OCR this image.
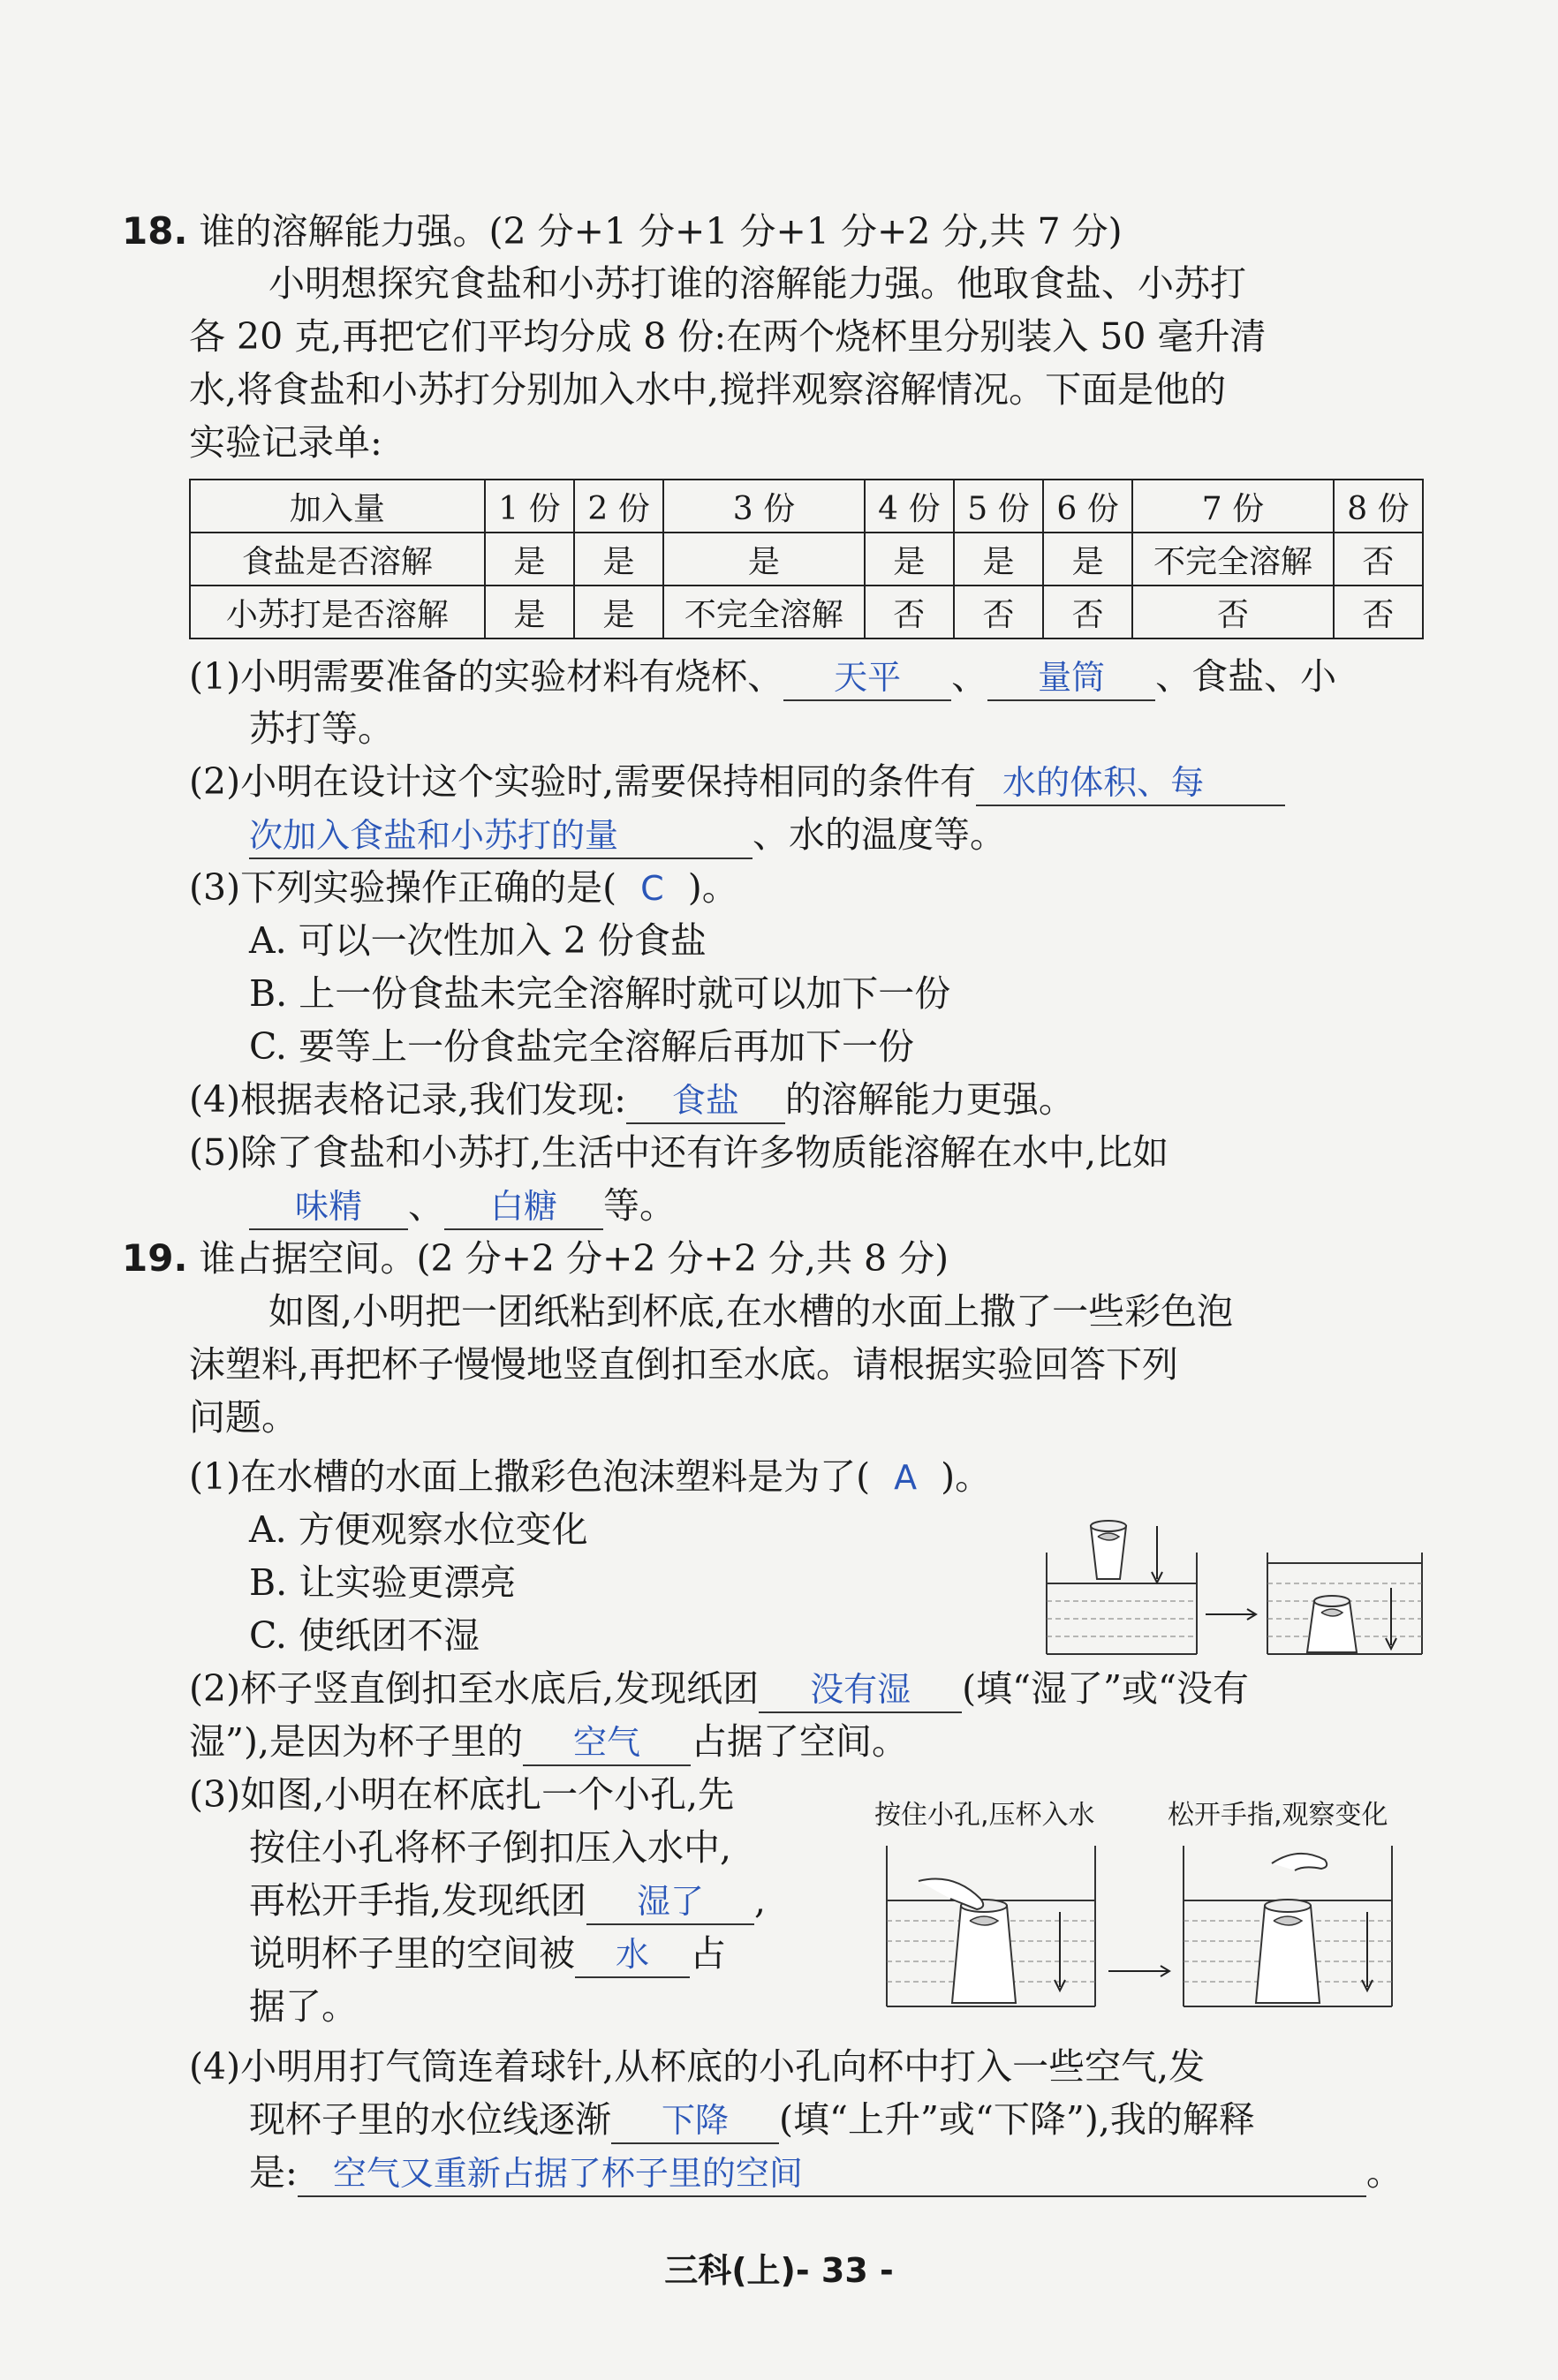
18. 谁的溶解能力强。(2 分+1 分+1 分+1 分+2 分,共 7 分)
小明想探究食盐和小苏打谁的溶解能力强。他取食盐、小苏打
各 20 克,再把它们平均分成 8 份:在两个烧杯里分别装入 50 毫升清
水,将食盐和小苏打分别加入水中,搅拌观察溶解情况。下面是他的
实验记录单:
加入量	1 份	2 份	3 份	4 份	5 份	6 份	7 份	8 份
食盐是否溶解	是	是	是	是	是	是	不完全溶解	否
小苏打是否溶解	是	是	不完全溶解	否	否	否	否	否
(1)小明需要准备的实验材料有烧杯、 天平 、 量筒 、食盐、小
苏打等。
(2)小明在设计这个实验时,需要保持相同的条件有 水的体积、每
次加入食盐和小苏打的量	、水的温度等。
(3)下列实验操作正确的是( C )。
A. 可以一次性加入 2 份食盐
B. 上一份食盐未完全溶解时就可以加下一份
C. 要等上一份食盐完全溶解后再加下一份
(4)根据表格记录,我们发现: 食盐 的溶解能力更强。
(5)除了食盐和小苏打,生活中还有许多物质能溶解在水中,比如
味精 、 白糖 等。
19. 谁占据空间。(2 分+2 分+2 分+2 分,共 8 分)
如图,小明把一团纸粘到杯底,在水槽的水面上撒了一些彩色泡
沫塑料,再把杯子慢慢地竖直倒扣至水底。请根据实验回答下列
问题。
(1)在水槽的水面上撒彩色泡沫塑料是为了( A )。
A. 方便观察水位变化
B. 让实验更漂亮
C. 使纸团不湿
(2)杯子竖直倒扣至水底后,发现纸团 没有湿 (填“湿了”或“没有
湿”),是因为杯子里的 空气 占据了空间。
(3)如图,小明在杯底扎一个小孔,先
按住小孔将杯子倒扣压入水中,
再松开手指,发现纸团 湿了 ,
说明杯子里的空间被 水 占
据了。
按住小孔,压杯入水	松开手指,观察变化
(4)小明用打气筒连着球针,从杯底的小孔向杯中打入一些空气,发
现杯子里的水位线逐渐 下降 (填“上升”或“下降”),我的解释
是: 空气又重新占据了杯子里的空间	。
三科(上)- 33 -
